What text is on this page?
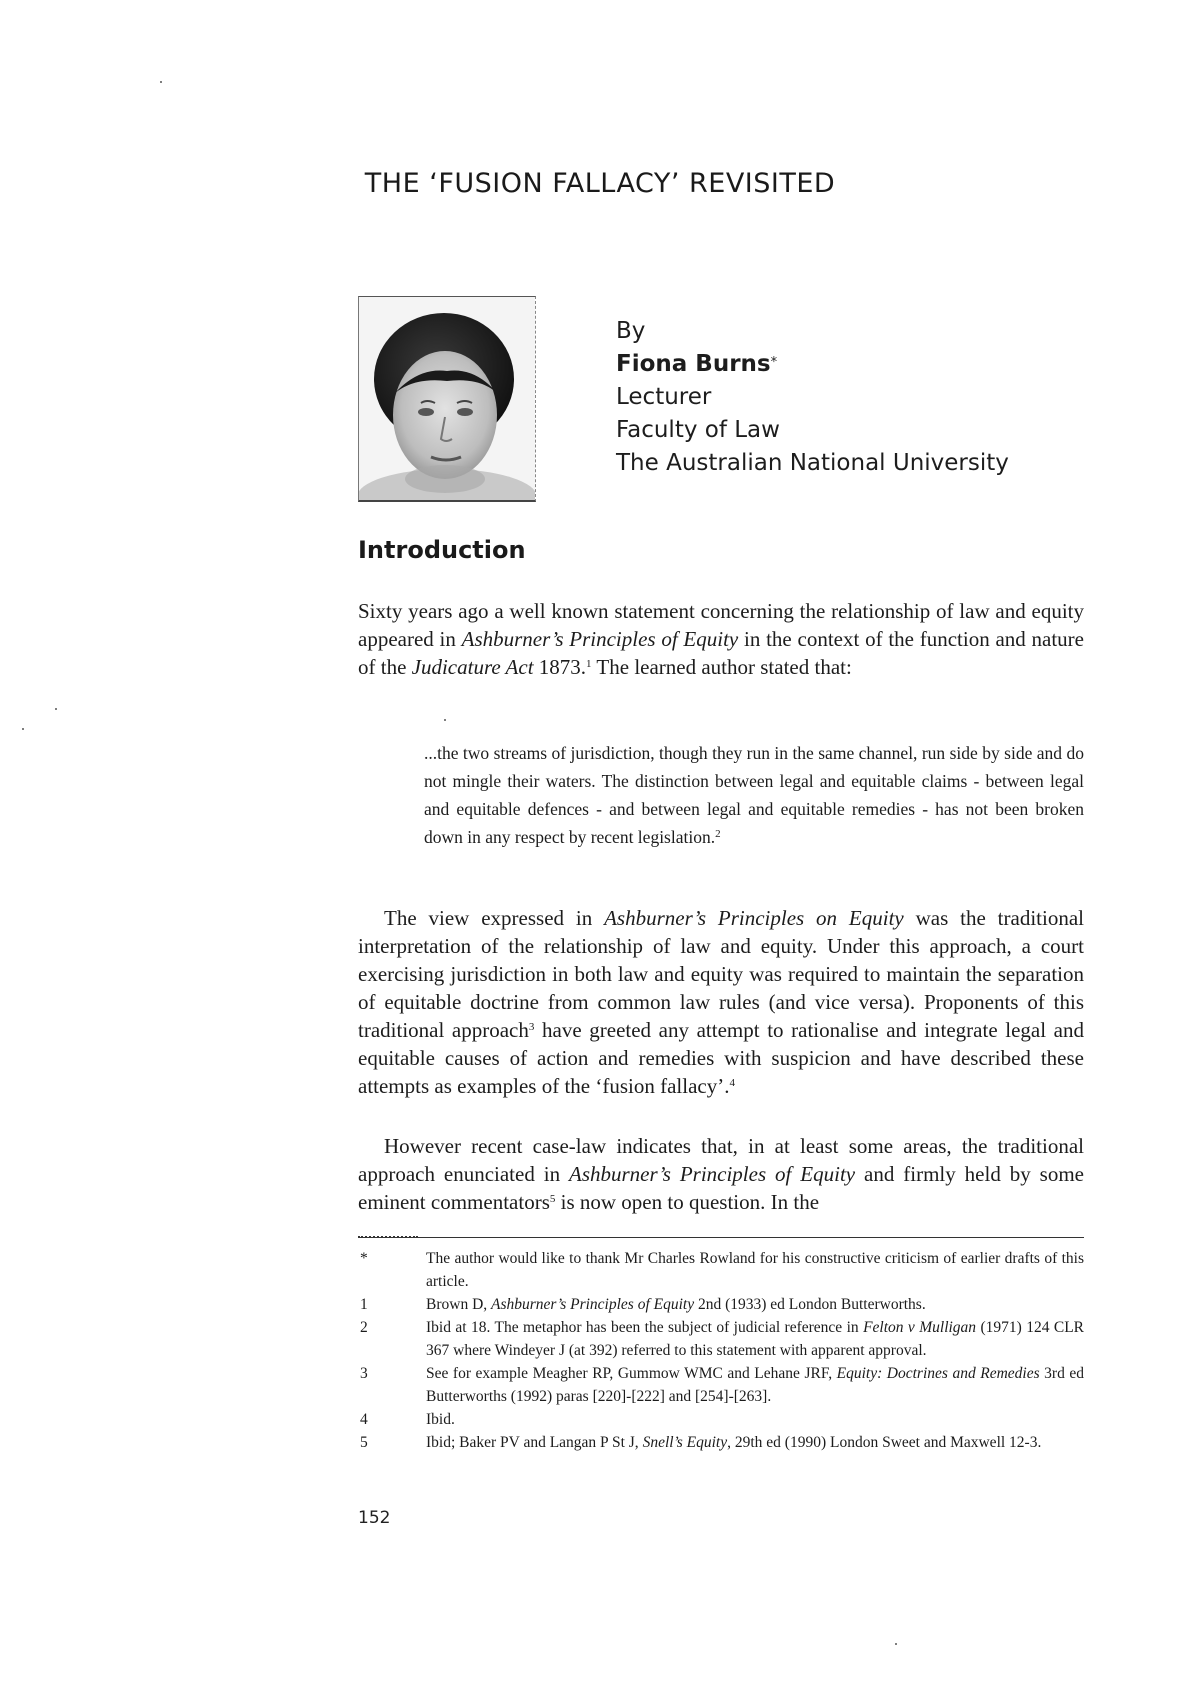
THE ‘FUSION FALLACY’ REVISITED
By
Fiona Burns*
Lecturer
Faculty of Law
The Australian National University
Introduction

Sixty years ago a well known statement concerning the relationship of law and equity appeared in Ashburner’s Principles of Equity in the context of the function and nature of the Judicature Act 1873.$^1$ The learned author stated that:

...the two streams of jurisdiction, though they run in the same channel, run side by side and do not mingle their waters. The distinction between legal and equitable claims - between legal and equitable defences - and between legal and equitable remedies - has not been broken down in any respect by recent legislation.$^2$

The view expressed in Ashburner’s Principles on Equity was the traditional interpretation of the relationship of law and equity. Under this approach, a court exercising jurisdiction in both law and equity was required to maintain the separation of equitable doctrine from common law rules (and vice versa). Proponents of this traditional approach$^3$ have greeted any attempt to rationalise and integrate legal and equitable causes of action and remedies with suspicion and have described these attempts as examples of the ‘fusion fallacy’.$^4$

However recent case-law indicates that, in at least some areas, the traditional approach enunciated in Ashburner’s Principles of Equity and firmly held by some eminent commentators$^5$ is now open to question. In the

*	The author would like to thank Mr Charles Rowland for his constructive criticism of earlier drafts of this article.
1	Brown D, Ashburner’s Principles of Equity 2nd (1933) ed London Butterworths.
2	Ibid at 18. The metaphor has been the subject of judicial reference in Felton v Mulligan (1971) 124 CLR 367 where Windeyer J (at 392) referred to this statement with apparent approval.
3	See for example Meagher RP, Gummow WMC and Lehane JRF, Equity: Doctrines and Remedies 3rd ed Butterworths (1992) paras [220]-[222] and [254]-[263].
4	Ibid.
5	Ibid; Baker PV and Langan P St J, Snell’s Equity, 29th ed (1990) London Sweet and Maxwell 12-3.
152
